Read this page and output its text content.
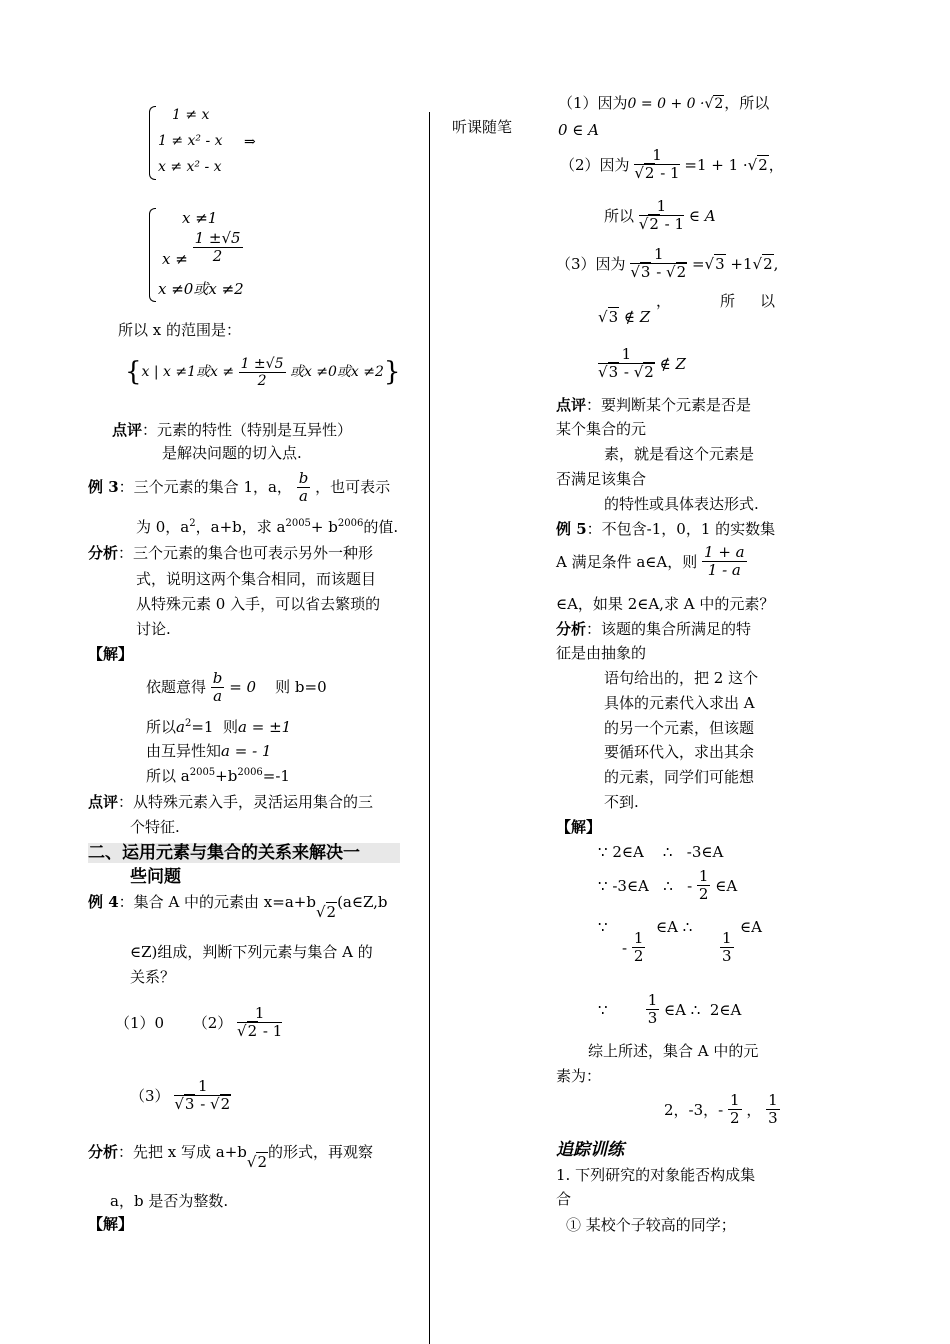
1 ≠ x
1 ≠ x² - x
x ≠ x² - x
⇒
x ≠1
$x \ne \frac{1 \pm√5}{2}$
x ≠0或x ≠2
所以 x 的范围是：
{x | x ≠1或$x \ne \frac{1 \pm√5}{2}$ 或x ≠0或x ≠2}
点评：元素的特性（特别是互异性）
是解决问题的切入点.
例 3：三个元素的集合 1，a， $\frac{b}{a}$ ，也可表示
为 0，$a^2$，a+b，求 $a^{2005}+ b^{2006}$的值.
分析：三个元素的集合也可表示另外一种形
式，说明这两个集合相同，而该题目
从特殊元素 0 入手，可以省去繁琐的
讨论.
【解】
依题意得 $\frac{b}{a} = 0$ 则 b=0
所以$a^2=1$ 则a = ±1
由互异性知a = - 1
所以 $a^{2005}+b^{2006}=-1$
点评：从特殊元素入手，灵活运用集合的三
个特征.
二、运用元素与集合的关系来解决一
些问题
例 4：集合 A 中的元素由 x=a+b√2(a∈Z,b
∈Z)组成，判断下列元素与集合 A 的
关系？
（1）0 $(2) \frac{1}{√2 - 1}$
$(3) \frac{1}{√3 - √2}$
分析：先把 x 写成 a+b√2的形式，再观察
a，b 是否为整数.
【解】
听课随笔
（1）因为0 = 0 + 0 ·√2，所以
0 ∈ A
（2）因为 $\frac{1}{√2 - 1} =1 + 1 \cdot√2$，
所以 $\frac{1}{√2 - 1}$ ∈ A
（3）因为 $\frac{1}{√3 - √2} =√3 +1√2$,
，	所 以
√3 ∉ Z
$\frac{1}{√3 - √2}$ ∉ Z
点评：要判断某个元素是否是
某个集合的元
素，就是看这个元素是
否满足该集合
的特性或具体表达形式.
例 5：不包含-1，0，1 的实数集
A 满足条件 a∈A，则 $\frac{1 + a}{1 - a}$
∈A，如果 2∈A,求 A 中的元素？
分析：该题的集合所满足的特
征是由抽象的
语句给出的，把 2 这个
具体的元素代入求出 A
的另一个元素，但该题
要循环代入，求出其余
的元素，同学们可能想
不到.
【解】
∵ 2∈A ∴ -3∈A
∵ -3∈A ∴ - $\frac{1}{2}$ ∈A
∵
- $\frac{1}{2}$
∈A ∴
$\frac{1}{3}$
∈A
∵	$\frac{1}{3}$ ∈A ∴ 2∈A
综上所述，集合 A 中的元
素为：
2，-3，- $\frac{1}{2}$ ， $\frac{1}{3}$
追踪训练
1. 下列研究的对象能否构成集
合
① 某校个子较高的同学；
